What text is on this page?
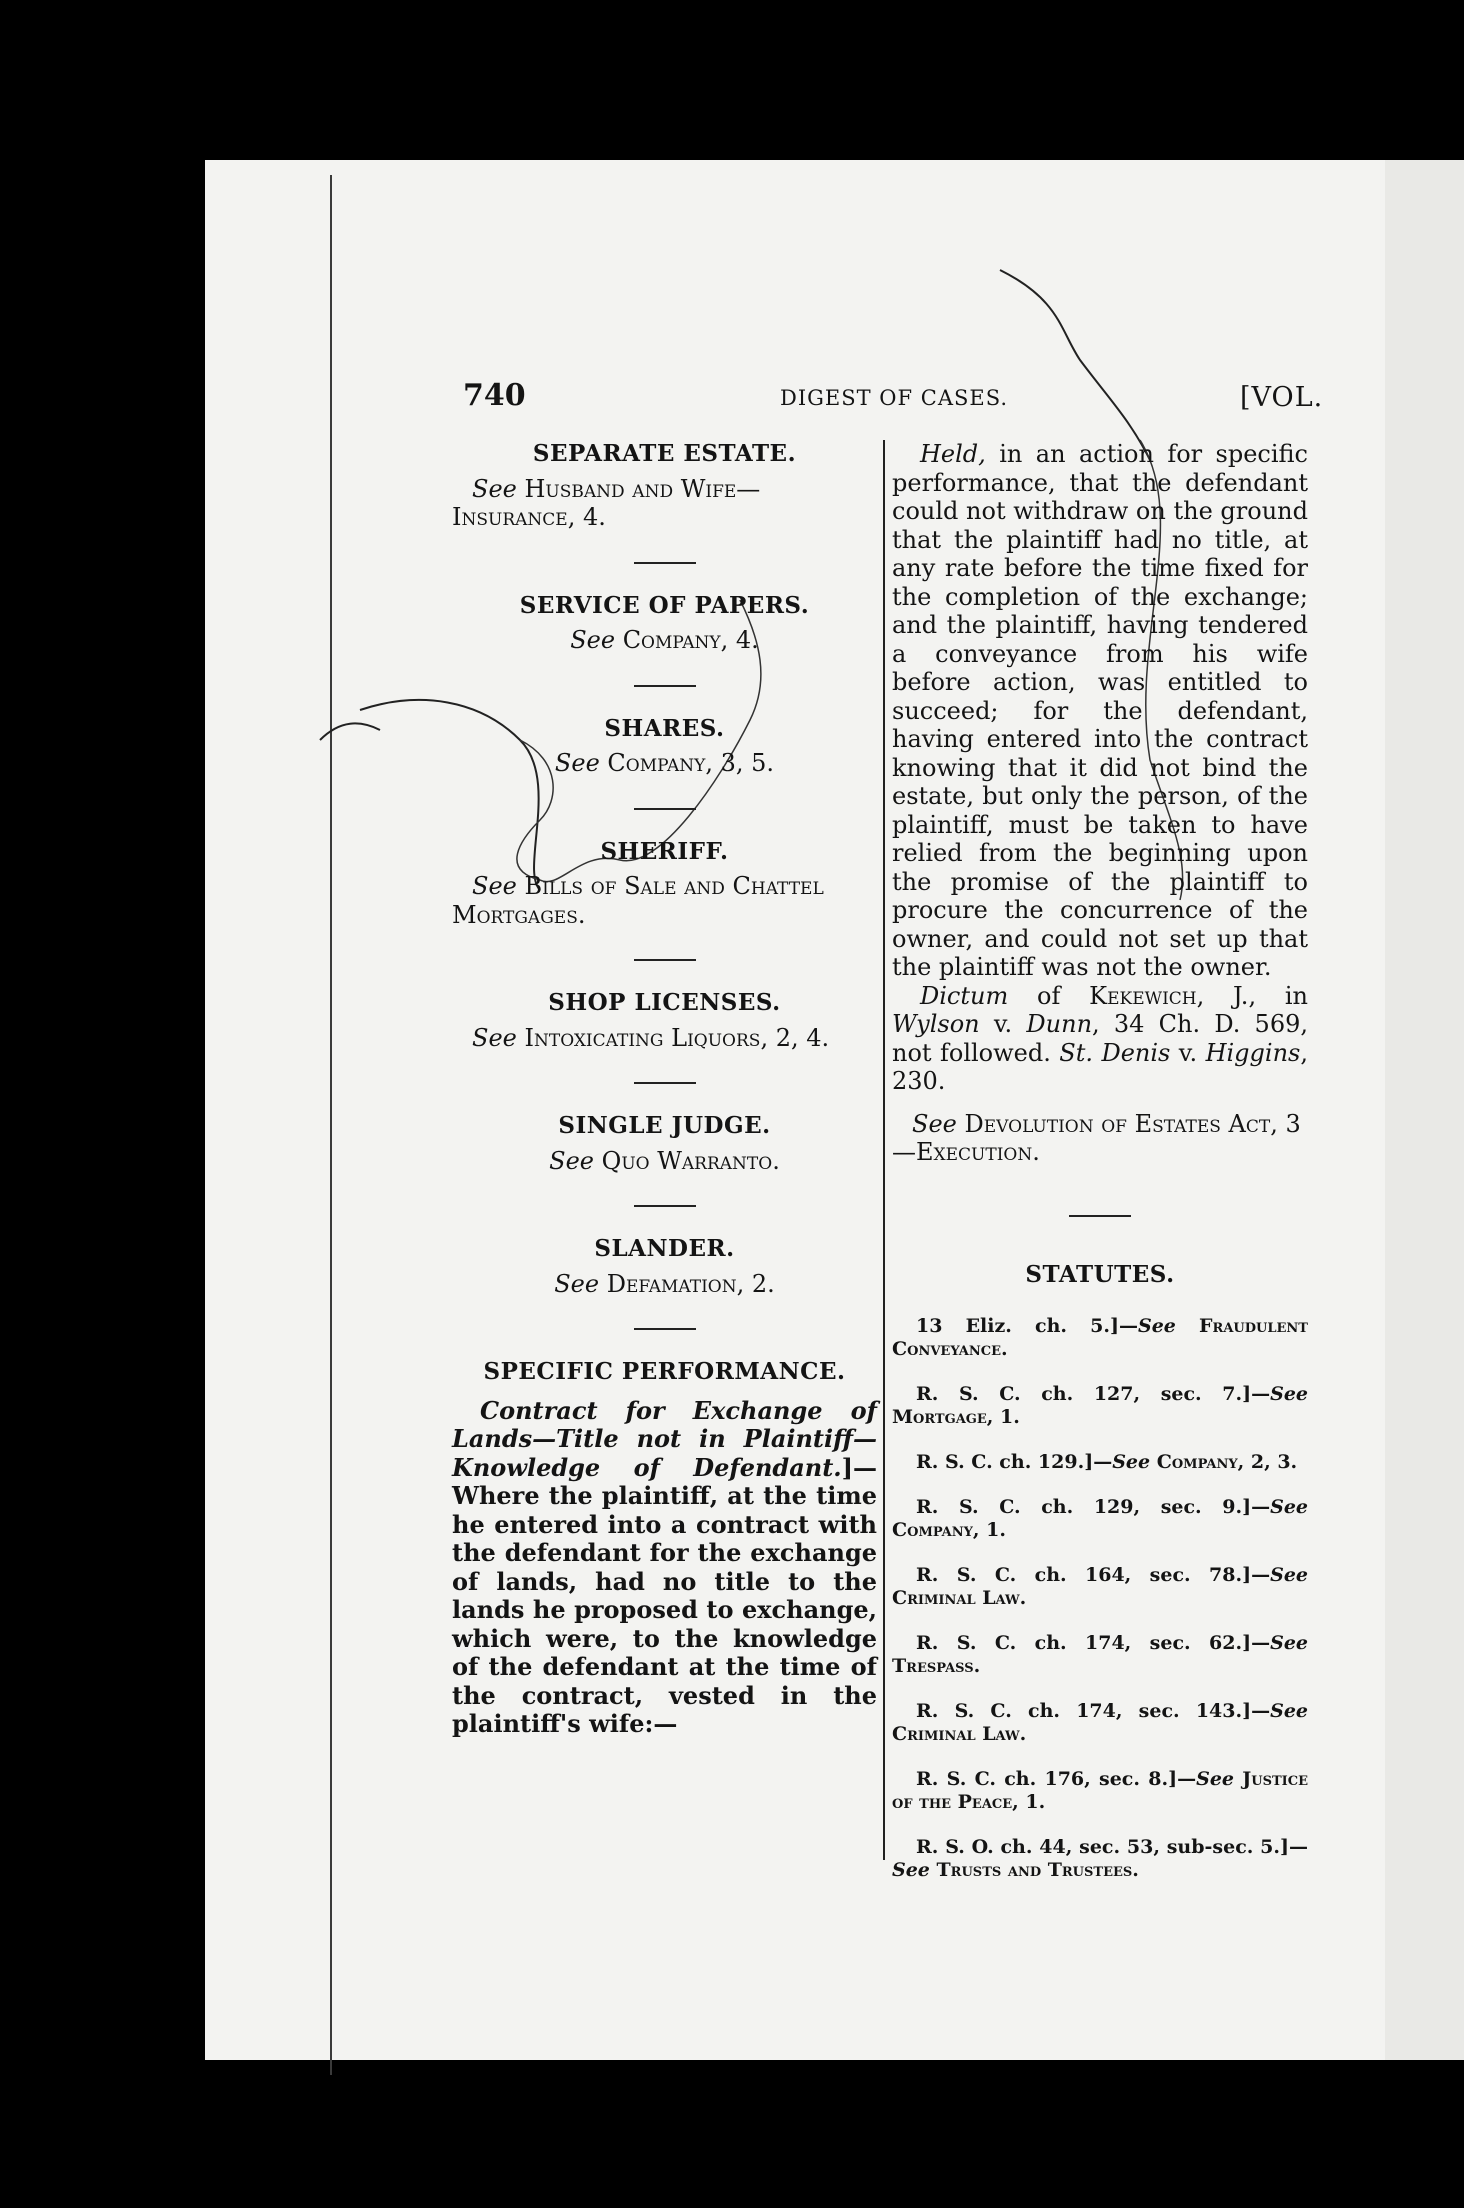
740	DIGEST OF CASES.	[VOL.

SEPARATE ESTATE.

See Husband and Wife—Insurance, 4.

SERVICE OF PAPERS.

See Company, 4.

SHARES.

See Company, 3, 5.

SHERIFF.

See Bills of Sale and Chattel Mortgages.

SHOP LICENSES.

See Intoxicating Liquors, 2, 4.

SINGLE JUDGE.

See Quo Warranto.

SLANDER.

See Defamation, 2.

SPECIFIC PERFORMANCE.

Contract for Exchange of Lands—Title not in Plaintiff—Knowledge of Defendant.]—Where the plaintiff, at the time he entered into a contract with the defendant for the exchange of lands, had no title to the lands he proposed to exchange, which were, to the knowledge of the defendant at the time of the contract, vested in the plaintiff's wife:—

Held, in an action for specific performance, that the defendant could not withdraw on the ground that the plaintiff had no title, at any rate before the time fixed for the completion of the exchange; and the plaintiff, having tendered a conveyance from his wife before action, was entitled to succeed; for the defendant, having entered into the contract knowing that it did not bind the estate, but only the person, of the plaintiff, must be taken to have relied from the beginning upon the promise of the plaintiff to procure the concurrence of the owner, and could not set up that the plaintiff was not the owner.

Dictum of Kekewich, J., in Wylson v. Dunn, 34 Ch. D. 569, not followed. St. Denis v. Higgins, 230.

See Devolution of Estates Act, 3—Execution.

STATUTES.

13 Eliz. ch. 5.]—See Fraudulent Conveyance.

R. S. C. ch. 127, sec. 7.]—See Mortgage, 1.

R. S. C. ch. 129.]—See Company, 2, 3.

R. S. C. ch. 129, sec. 9.]—See Company, 1.

R. S. C. ch. 164, sec. 78.]—See Criminal Law.

R. S. C. ch. 174, sec. 62.]—See Trespass.

R. S. C. ch. 174, sec. 143.]—See Criminal Law.

R. S. C. ch. 176, sec. 8.]—See Justice of the Peace, 1.

R. S. O. ch. 44, sec. 53, sub-sec. 5.]—See Trusts and Trustees.
